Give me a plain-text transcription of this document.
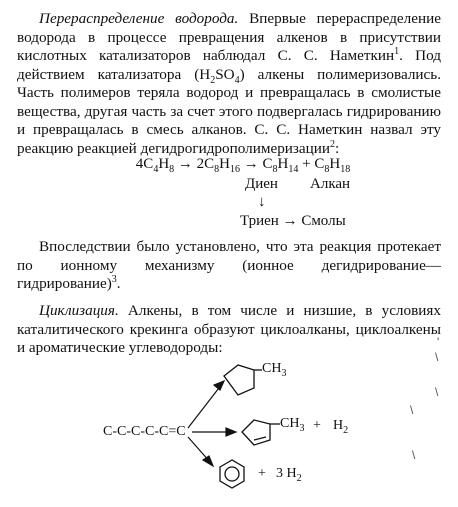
Перераспределение водорода. Впервые перераспределение водорода в процессе превращения алкенов в присутствии кислотных катализаторов наблюдал С. С. Наметкин$^1$. Под действием катализатора $(H_2SO_4)$ алкены полимеризовались. Часть полимеров теряла водород и превращалась в смолистые вещества, другая часть за счет этого подвергалась гидрированию и превращалась в смесь алканов. С. С. Наметкин назвал эту реакцию реакцией дегидрогидрополимеризации$^2$:

$4C_4H_8 \to 2C_8H_{16} \to C_8H_{14} + C_8H_{18}$
Диен Алкан
↓
Триен → Смолы

Впоследствии было установлено, что эта реакция протекает по ионному механизму (ионное дегидрирование—гидрирование)$^3$.

Циклизация. Алкены, в том числе и низшие, в условиях каталитического крекинга образуют циклоалканы, циклоалкены и ароматические углеводороды:

C-C-C-C-C=C
$CH_3$
$CH_3 + H_2$
+ 3 $H_2$
'
\
\
\
\
